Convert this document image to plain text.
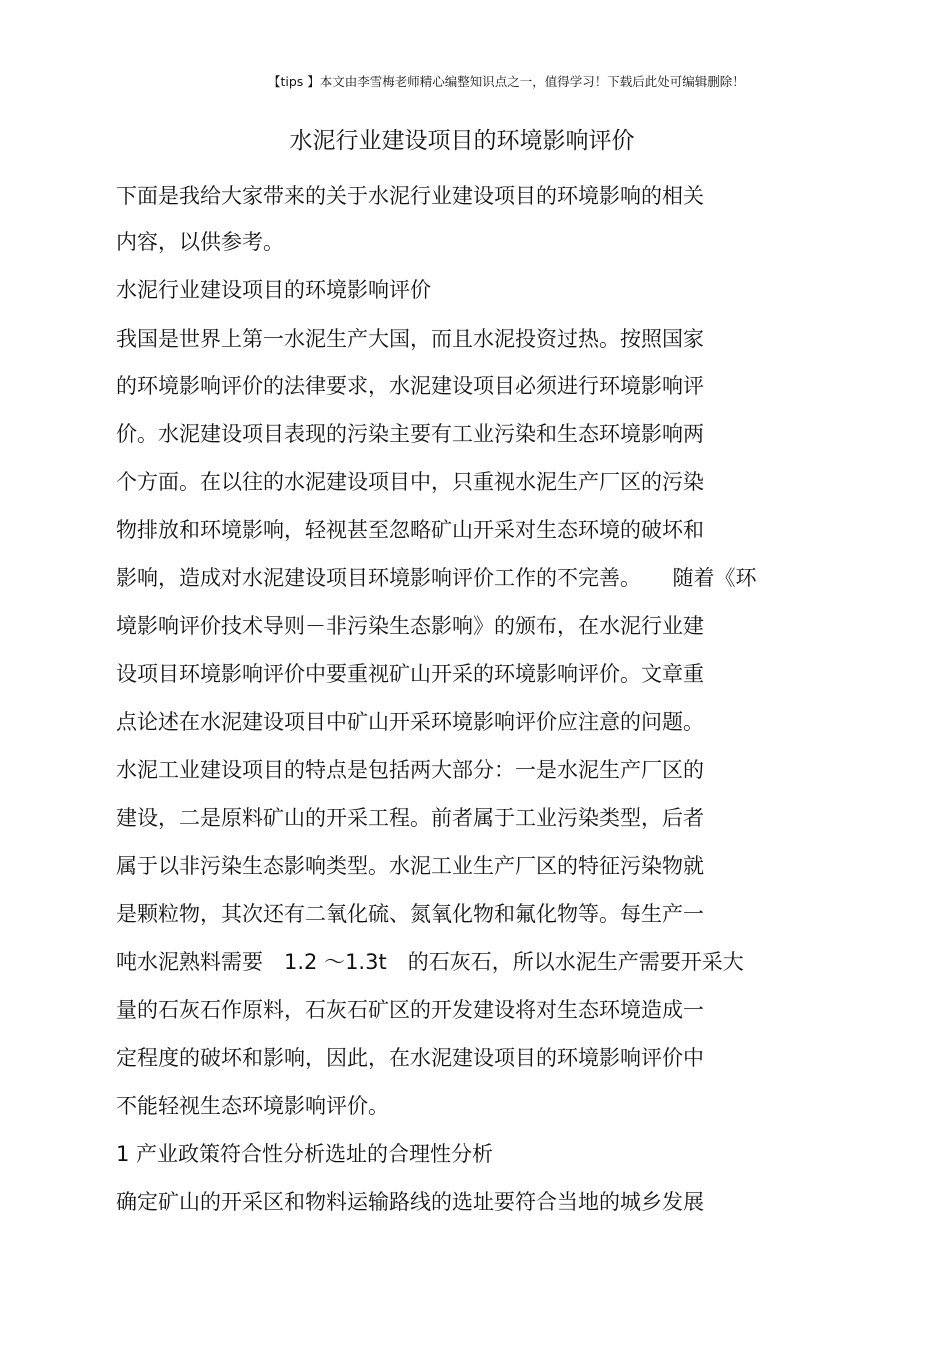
【tips 】本文由李雪梅老师精心编整知识点之一，值得学习！下载后此处可编辑删除！
水泥行业建设项目的环境影响评价
下面是我给大家带来的关于水泥行业建设项目的环境影响的相关
内容，以供参考。
水泥行业建设项目的环境影响评价
我国是世界上第一水泥生产大国，而且水泥投资过热。按照国家
的环境影响评价的法律要求，水泥建设项目必须进行环境影响评
价。水泥建设项目表现的污染主要有工业污染和生态环境影响两
个方面。在以往的水泥建设项目中，只重视水泥生产厂区的污染
物排放和环境影响，轻视甚至忽略矿山开采对生态环境的破坏和
影响，造成对水泥建设项目环境影响评价工作的不完善。　　随着《环
境影响评价技术导则－非污染生态影响》的颁布，在水泥行业建
设项目环境影响评价中要重视矿山开采的环境影响评价。文章重
点论述在水泥建设项目中矿山开采环境影响评价应注意的问题。
水泥工业建设项目的特点是包括两大部分：一是水泥生产厂区的
建设，二是原料矿山的开采工程。前者属于工业污染类型，后者
属于以非污染生态影响类型。水泥工业生产厂区的特征污染物就
是颗粒物，其次还有二氧化硫、氮氧化物和氟化物等。每生产一
吨水泥熟料需要　1.2 ～1.3t　的石灰石，所以水泥生产需要开采大
量的石灰石作原料，石灰石矿区的开发建设将对生态环境造成一
定程度的破坏和影响，因此，在水泥建设项目的环境影响评价中
不能轻视生态环境影响评价。
1 产业政策符合性分析选址的合理性分析
确定矿山的开采区和物料运输路线的选址要符合当地的城乡发展
